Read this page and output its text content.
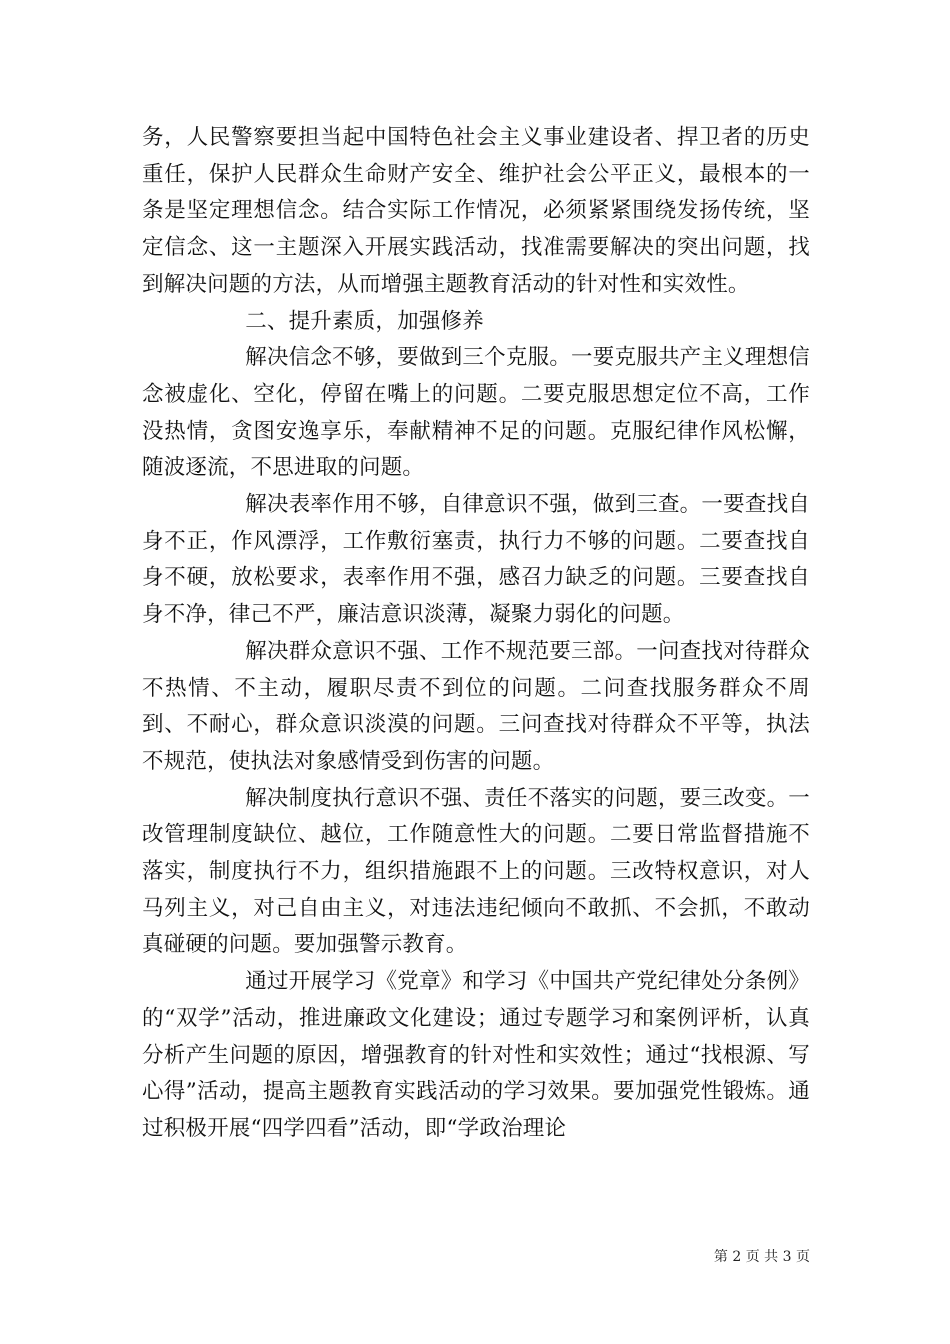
务，人民警察要担当起中国特色社会主义事业建设者、捍卫者的历史重任，保护人民群众生命财产安全、维护社会公平正义，最根本的一条是坚定理想信念。结合实际工作情况，必须紧紧围绕发扬传统，坚定信念、这一主题深入开展实践活动，找准需要解决的突出问题，找到解决问题的方法，从而增强主题教育活动的针对性和实效性。

二、提升素质，加强修养

解决信念不够，要做到三个克服。一要克服共产主义理想信念被虚化、空化，停留在嘴上的问题。二要克服思想定位不高，工作没热情，贪图安逸享乐，奉献精神不足的问题。克服纪律作风松懈，随波逐流，不思进取的问题。

解决表率作用不够，自律意识不强，做到三查。一要查找自身不正，作风漂浮，工作敷衍塞责，执行力不够的问题。二要查找自身不硬，放松要求，表率作用不强，感召力缺乏的问题。三要查找自身不净，律己不严，廉洁意识淡薄，凝聚力弱化的问题。

解决群众意识不强、工作不规范要三部。一问查找对待群众不热情、不主动，履职尽责不到位的问题。二问查找服务群众不周到、不耐心，群众意识淡漠的问题。三问查找对待群众不平等，执法不规范，使执法对象感情受到伤害的问题。

解决制度执行意识不强、责任不落实的问题，要三改变。一改管理制度缺位、越位，工作随意性大的问题。二要日常监督措施不落实，制度执行不力，组织措施跟不上的问题。三改特权意识，对人马列主义，对己自由主义，对违法违纪倾向不敢抓、不会抓，不敢动真碰硬的问题。要加强警示教育。

通过开展学习《党章》和学习《中国共产党纪律处分条例》的“双学”活动，推进廉政文化建设；通过专题学习和案例评析，认真分析产生问题的原因，增强教育的针对性和实效性；通过“找根源、写心得”活动，提高主题教育实践活动的学习效果。要加强党性锻炼。通过积极开展“四学四看”活动，即“学政治理论

第 2 页 共 3 页
